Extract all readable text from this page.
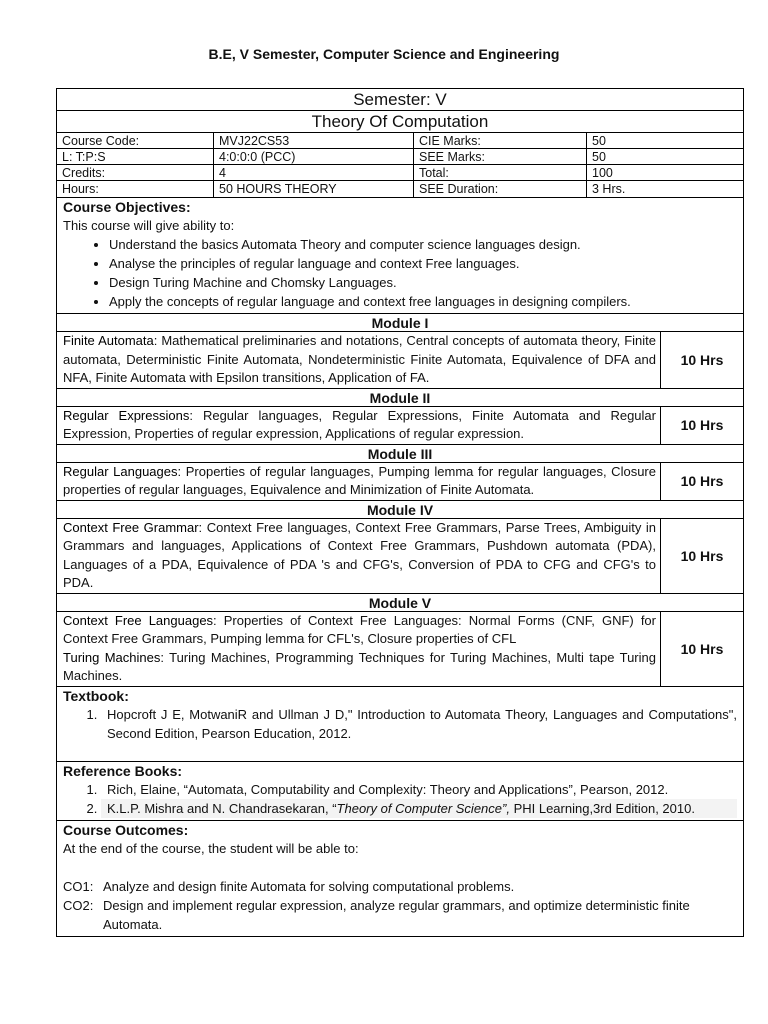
B.E, V Semester, Computer Science and Engineering
Semester: V
Theory Of Computation
Course Code:	MVJ22CS53	CIE Marks:	50
L: T:P:S	4:0:0:0 (PCC)	SEE Marks:	50
Credits:	4	Total:	100
Hours:	50 HOURS THEORY	SEE Duration:	3 Hrs.
Course Objectives:
This course will give ability to:
• Understand the basics Automata Theory and computer science languages design.
• Analyse the principles of regular language and context Free languages.
• Design Turing Machine and Chomsky Languages.
• Apply the concepts of regular language and context free languages in designing compilers.
Module I
Finite Automata: Mathematical preliminaries and notations, Central concepts of automata theory, Finite automata, Deterministic Finite Automata, Nondeterministic Finite Automata, Equivalence of DFA and NFA, Finite Automata with Epsilon transitions, Application of FA.
10 Hrs
Module II
Regular Expressions: Regular languages, Regular Expressions, Finite Automata and Regular Expression, Properties of regular expression, Applications of regular expression.
10 Hrs
Module III
Regular Languages: Properties of regular languages, Pumping lemma for regular languages, Closure properties of regular languages, Equivalence and Minimization of Finite Automata.
10 Hrs
Module IV
Context Free Grammar: Context Free languages, Context Free Grammars, Parse Trees, Ambiguity in Grammars and languages, Applications of Context Free Grammars, Pushdown automata (PDA), Languages of a PDA, Equivalence of PDA 's and CFG's, Conversion of PDA to CFG and CFG's to PDA.
10 Hrs
Module V
Context Free Languages: Properties of Context Free Languages: Normal Forms (CNF, GNF) for Context Free Grammars, Pumping lemma for CFL's, Closure properties of CFL
Turing Machines: Turing Machines, Programming Techniques for Turing Machines, Multi tape Turing Machines.
10 Hrs
Textbook:
1. Hopcroft J E, MotwaniR and Ullman J D," Introduction to Automata Theory, Languages and Computations", Second Edition, Pearson Education, 2012.
Reference Books:
1. Rich, Elaine, “Automata, Computability and Complexity: Theory and Applications”, Pearson, 2012.
2. K.L.P. Mishra and N. Chandrasekaran, “Theory of Computer Science”, PHI Learning,3rd Edition, 2010.
Course Outcomes:
At the end of the course, the student will be able to:
CO1: Analyze and design finite Automata for solving computational problems.
CO2: Design and implement regular expression, analyze regular grammars, and optimize deterministic finite Automata.
